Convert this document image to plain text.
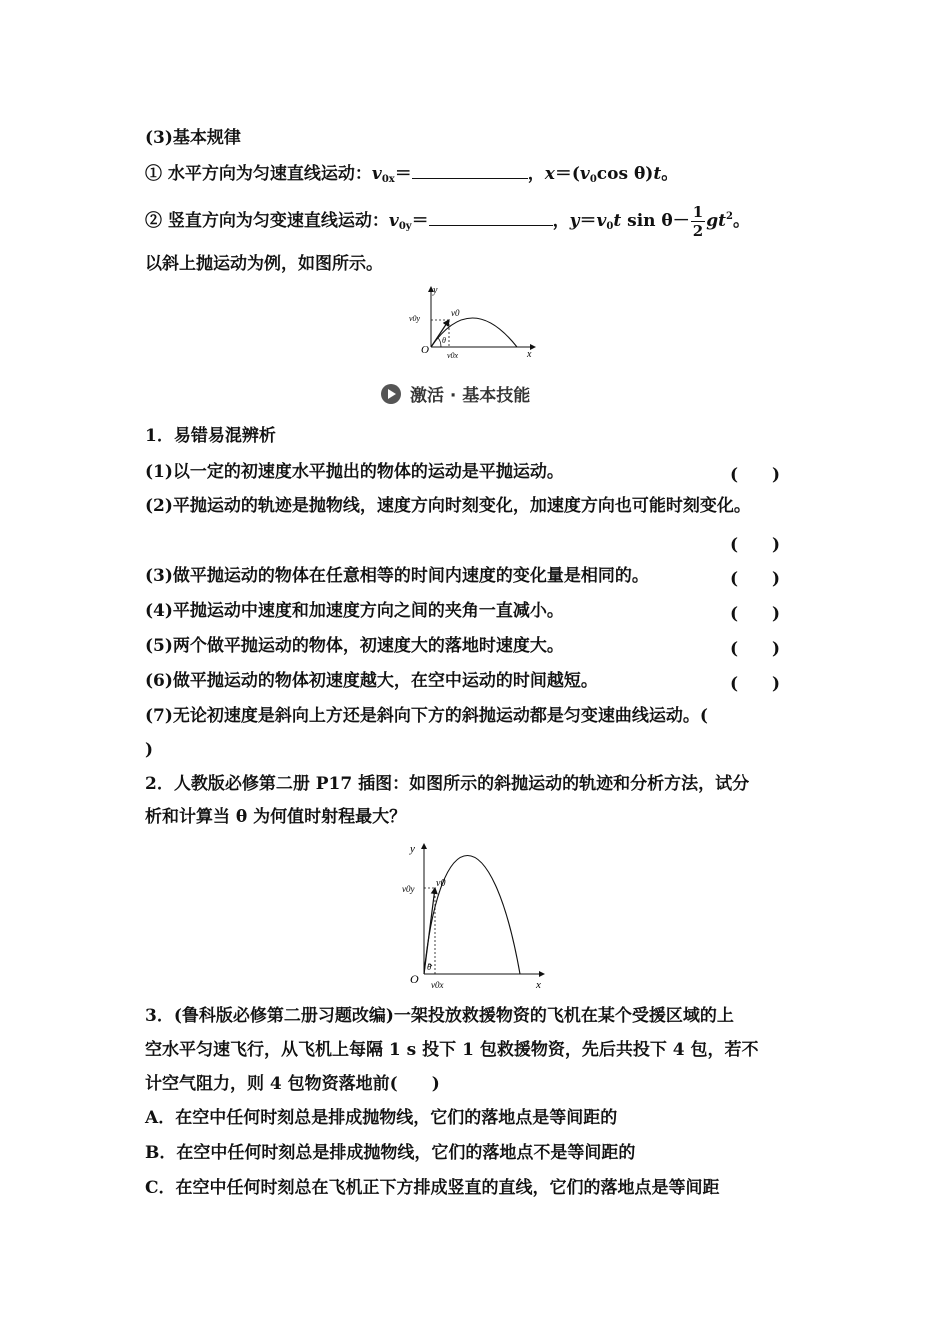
(3)基本规律
① 水平方向为匀速直线运动：$v_{0x}=$	，$x=(v_0\cos$ θ)t。
② 竖直方向为匀变速直线运动：$v_{0y}=$	，$y=v_0t$ $\sin \theta- \frac{1}{2} gt^2$。
以斜上抛运动为例，如图所示。
y
x
O
v0y
v0
θ
v0x
激活 · 基本技能
1．易错易混辨析
(1)以一定的初速度水平抛出的物体的运动是平抛运动。	(　　)
(2)平抛运动的轨迹是抛物线，速度方向时刻变化，加速度方向也可能时刻变化。
(　　)
(3)做平抛运动的物体在任意相等的时间内速度的变化量是相同的。	(　　)
(4)平抛运动中速度和加速度方向之间的夹角一直减小。	(　　)
(5)两个做平抛运动的物体，初速度大的落地时速度大。	(　　)
(6)做平抛运动的物体初速度越大，在空中运动的时间越短。	(　　)
(7)无论初速度是斜向上方还是斜向下方的斜抛运动都是匀变速曲线运动。(
)
2．人教版必修第二册 P17 插图：如图所示的斜抛运动的轨迹和分析方法，试分
析和计算当 θ 为何值时射程最大？
y
x
O
v0y v0
θ
v0x
3．(鲁科版必修第二册习题改编)一架投放救援物资的飞机在某个受援区域的上
空水平匀速飞行，从飞机上每隔 1 s 投下 1 包救援物资，先后共投下 4 包，若不
计空气阻力，则 4 包物资落地前(　　)
A．在空中任何时刻总是排成抛物线，它们的落地点是等间距的
B．在空中任何时刻总是排成抛物线，它们的落地点不是等间距的
C．在空中任何时刻总在飞机正下方排成竖直的直线，它们的落地点是等间距
